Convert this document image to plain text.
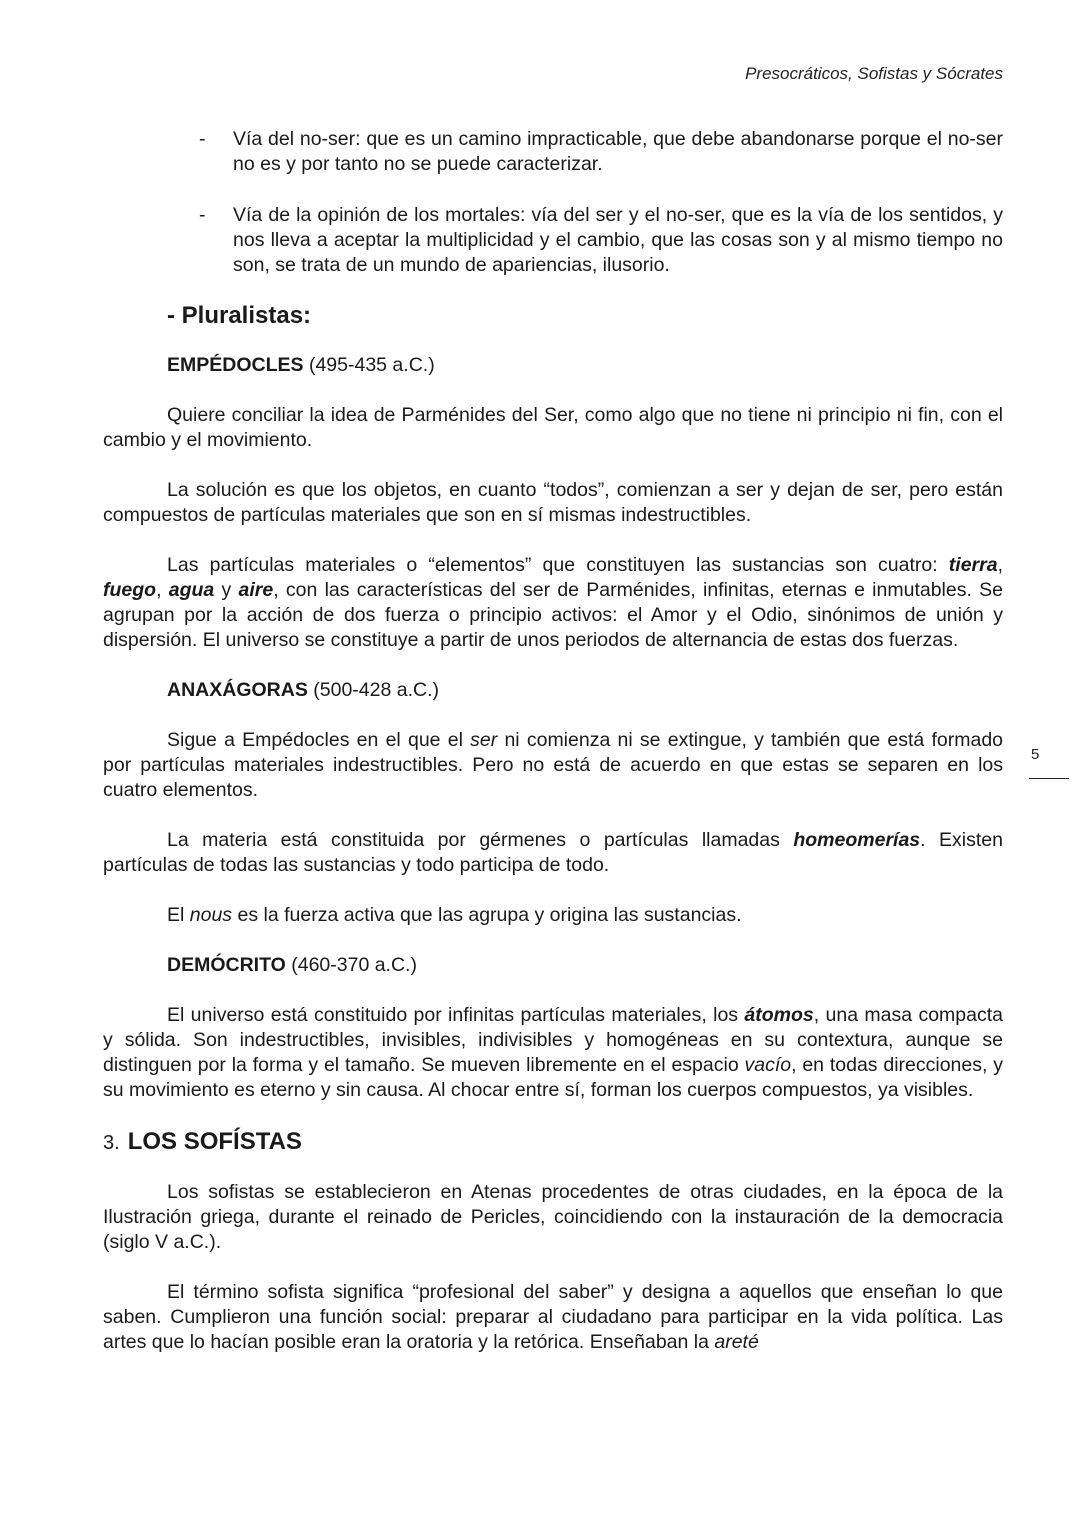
Presocráticos, Sofistas y Sócrates
5

- Vía del no-ser: que es un camino impracticable, que debe abandonarse porque el no-ser no es y por tanto no se puede caracterizar.

- Vía de la opinión de los mortales: vía del ser y el no-ser, que es la vía de los sentidos, y nos lleva a aceptar la multiplicidad y el cambio, que las cosas son y al mismo tiempo no son, se trata de un mundo de apariencias, ilusorio.

- Pluralistas:

EMPÉDOCLES (495-435 a.C.)

Quiere conciliar la idea de Parménides del Ser, como algo que no tiene ni principio ni fin, con el cambio y el movimiento.

La solución es que los objetos, en cuanto “todos”, comienzan a ser y dejan de ser, pero están compuestos de partículas materiales que son en sí mismas indestructibles.

Las partículas materiales o “elementos” que constituyen las sustancias son cuatro: tierra, fuego, agua y aire, con las características del ser de Parménides, infinitas, eternas e inmutables. Se agrupan por la acción de dos fuerza o principio activos: el Amor y el Odio, sinónimos de unión y dispersión. El universo se constituye a partir de unos periodos de alternancia de estas dos fuerzas.

ANAXÁGORAS (500-428 a.C.)

Sigue a Empédocles en el que el ser ni comienza ni se extingue, y también que está formado por partículas materiales indestructibles. Pero no está de acuerdo en que estas se separen en los cuatro elementos.

La materia está constituida por gérmenes o partículas llamadas homeomerías. Existen partículas de todas las sustancias y todo participa de todo.

El nous es la fuerza activa que las agrupa y origina las sustancias.

DEMÓCRITO (460-370 a.C.)

El universo está constituido por infinitas partículas materiales, los átomos, una masa compacta y sólida. Son indestructibles, invisibles, indivisibles y homogéneas en su contextura, aunque se distinguen por la forma y el tamaño. Se mueven libremente en el espacio vacío, en todas direcciones, y su movimiento es eterno y sin causa. Al chocar entre sí, forman los cuerpos compuestos, ya visibles.

3. LOS SOFÍSTAS

Los sofistas se establecieron en Atenas procedentes de otras ciudades, en la época de la Ilustración griega, durante el reinado de Pericles, coincidiendo con la instauración de la democracia (siglo V a.C.).

El término sofista significa “profesional del saber” y designa a aquellos que enseñan lo que saben. Cumplieron una función social: preparar al ciudadano para participar en la vida política. Las artes que lo hacían posible eran la oratoria y la retórica. Enseñaban la areté
